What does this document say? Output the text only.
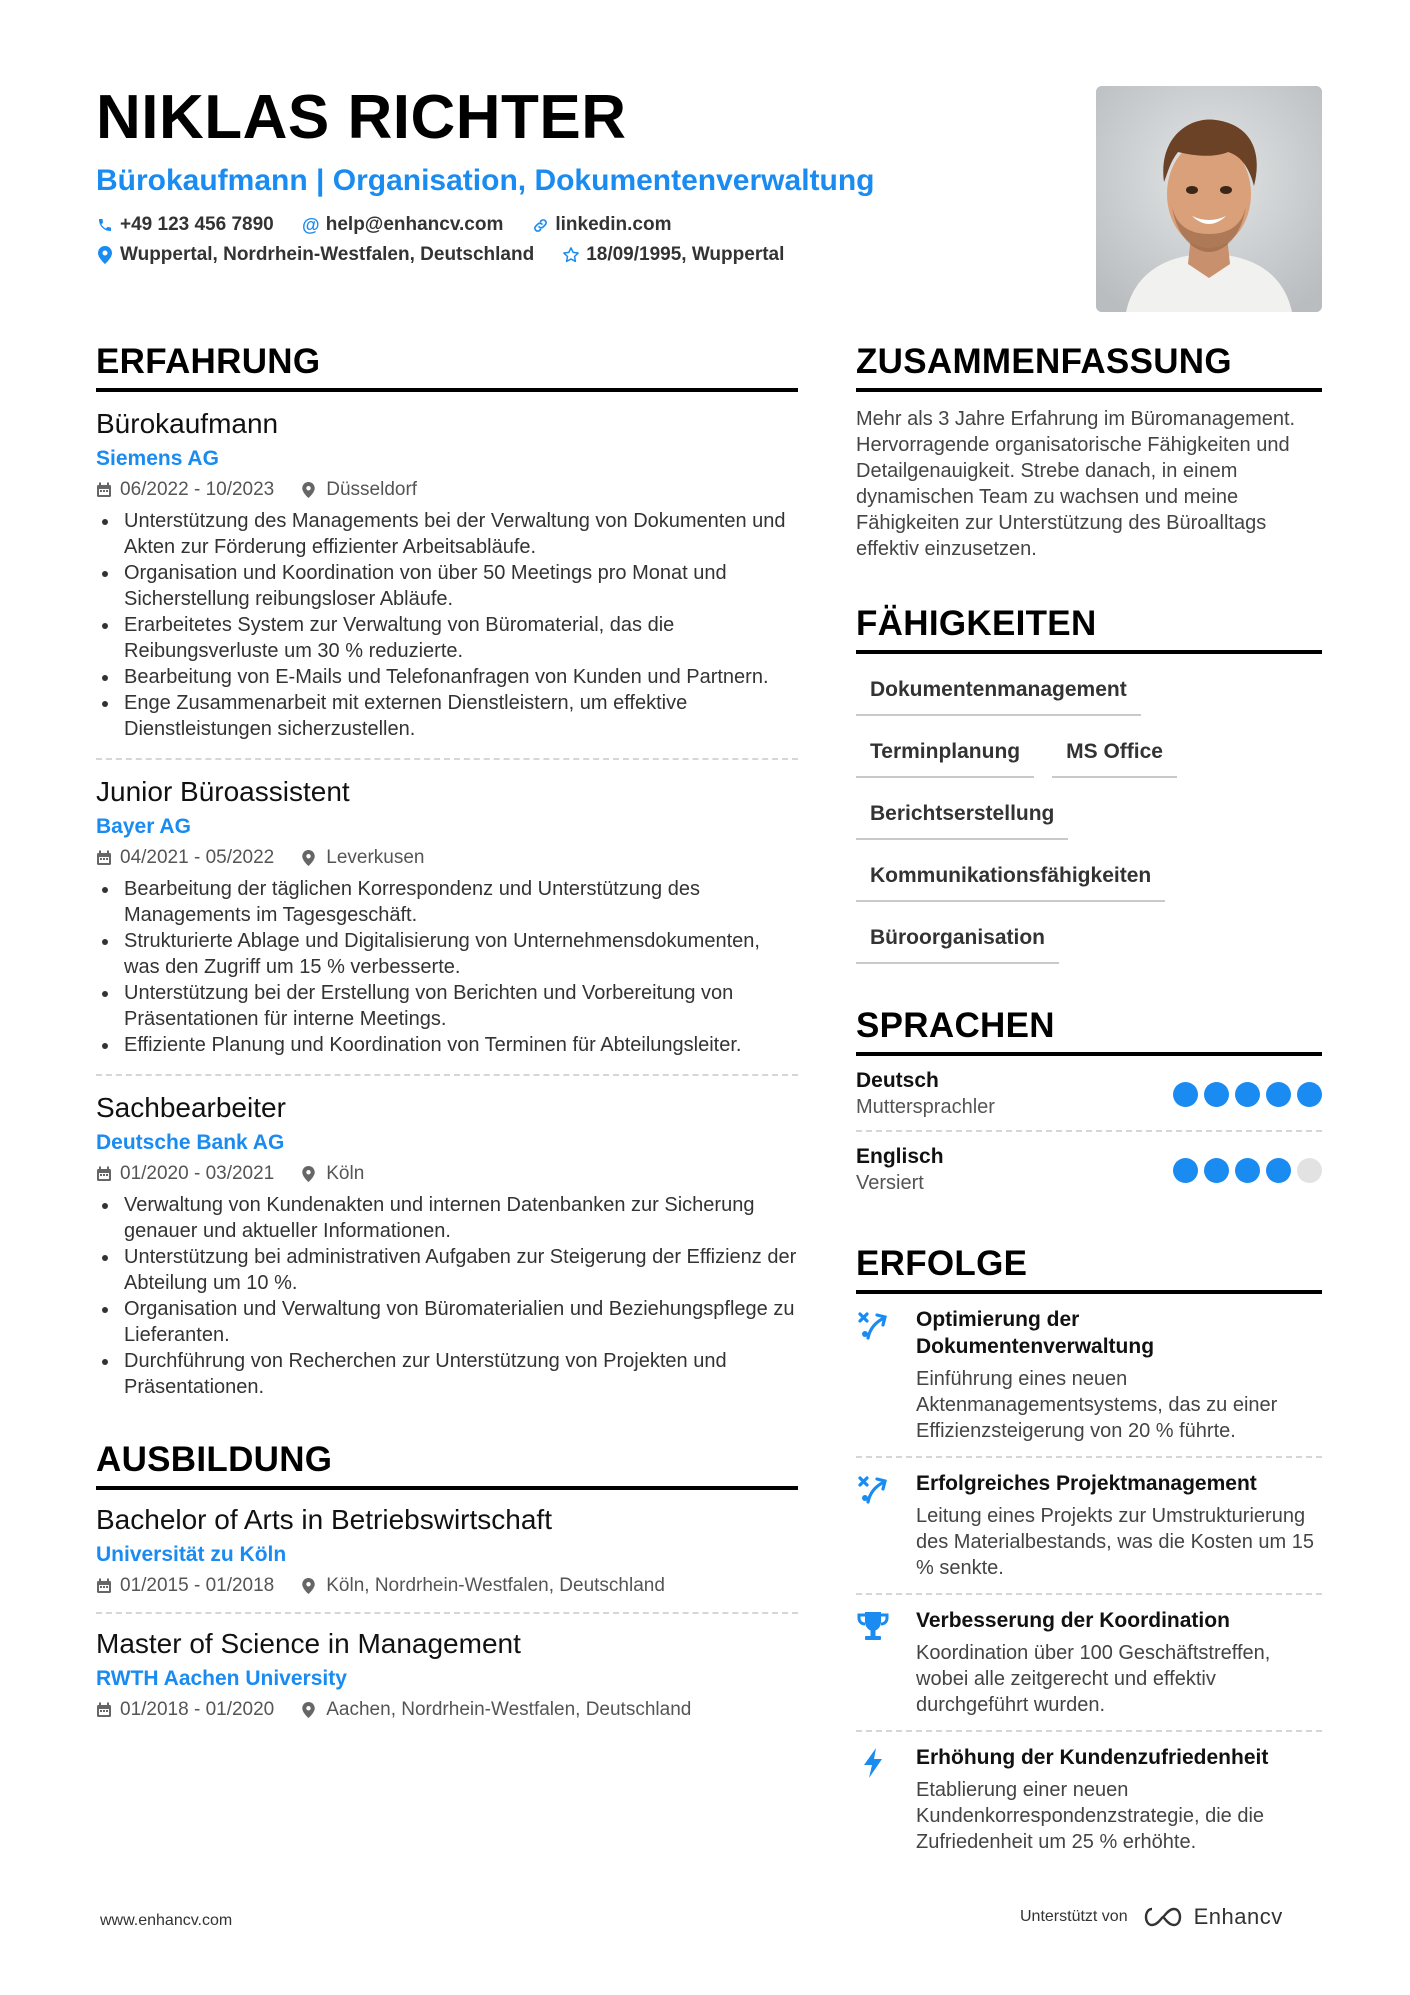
NIKLAS RICHTER
Bürokaufmann | Organisation, Dokumentenverwaltung
+49 123 456 7890 @ help@enhancv.com	linkedin.com
Wuppertal, Nordrhein-Westfalen, Deutschland	18/09/1995, Wuppertal
ERFAHRUNG
Bürokaufmann
Siemens AG
06/2022 - 10/2023	Düsseldorf
Unterstützung des Managements bei der Verwaltung von Dokumenten und Akten zur Förderung effizienter Arbeitsabläufe.
Organisation und Koordination von über 50 Meetings pro Monat und Sicherstellung reibungsloser Abläufe.
Erarbeitetes System zur Verwaltung von Büromaterial, das die Reibungsverluste um 30 % reduzierte.
Bearbeitung von E-Mails und Telefonanfragen von Kunden und Partnern.
Enge Zusammenarbeit mit externen Dienstleistern, um effektive Dienstleistungen sicherzustellen.
Junior Büroassistent
Bayer AG
04/2021 - 05/2022	Leverkusen
Bearbeitung der täglichen Korrespondenz und Unterstützung des Managements im Tagesgeschäft.
Strukturierte Ablage und Digitalisierung von Unternehmensdokumenten, was den Zugriff um 15 % verbesserte.
Unterstützung bei der Erstellung von Berichten und Vorbereitung von Präsentationen für interne Meetings.
Effiziente Planung und Koordination von Terminen für Abteilungsleiter.
Sachbearbeiter
Deutsche Bank AG
01/2020 - 03/2021	Köln
Verwaltung von Kundenakten und internen Datenbanken zur Sicherung genauer und aktueller Informationen.
Unterstützung bei administrativen Aufgaben zur Steigerung der Effizienz der Abteilung um 10 %.
Organisation und Verwaltung von Büromaterialien und Beziehungspflege zu Lieferanten.
Durchführung von Recherchen zur Unterstützung von Projekten und Präsentationen.
AUSBILDUNG
Bachelor of Arts in Betriebswirtschaft
Universität zu Köln
01/2015 - 01/2018	Köln, Nordrhein-Westfalen, Deutschland
Master of Science in Management
RWTH Aachen University
01/2018 - 01/2020	Aachen, Nordrhein-Westfalen, Deutschland
ZUSAMMENFASSUNG
Mehr als 3 Jahre Erfahrung im Büromanagement. Hervorragende organisatorische Fähigkeiten und Detailgenauigkeit. Strebe danach, in einem dynamischen Team zu wachsen und meine Fähigkeiten zur Unterstützung des Büroalltags effektiv einzusetzen.
FÄHIGKEITEN
Dokumentenmanagement
Terminplanung	MS Office
Berichtserstellung
Kommunikationsfähigkeiten
Büroorganisation
SPRACHEN
Deutsch
Muttersprachler
Englisch
Versiert
ERFOLGE
Optimierung der Dokumentenverwaltung
Einführung eines neuen Aktenmanagementsystems, das zu einer Effizienzsteigerung von 20 % führte.
Erfolgreiches Projektmanagement
Leitung eines Projekts zur Umstrukturierung des Materialbestands, was die Kosten um 15 % senkte.
Verbesserung der Koordination
Koordination über 100 Geschäftstreffen, wobei alle zeitgerecht und effektiv durchgeführt wurden.
Erhöhung der Kundenzufriedenheit
Etablierung einer neuen Kundenkorrespondenzstrategie, die die Zufriedenheit um 25 % erhöhte.
www.enhancv.com	Unterstützt von	Enhancv
